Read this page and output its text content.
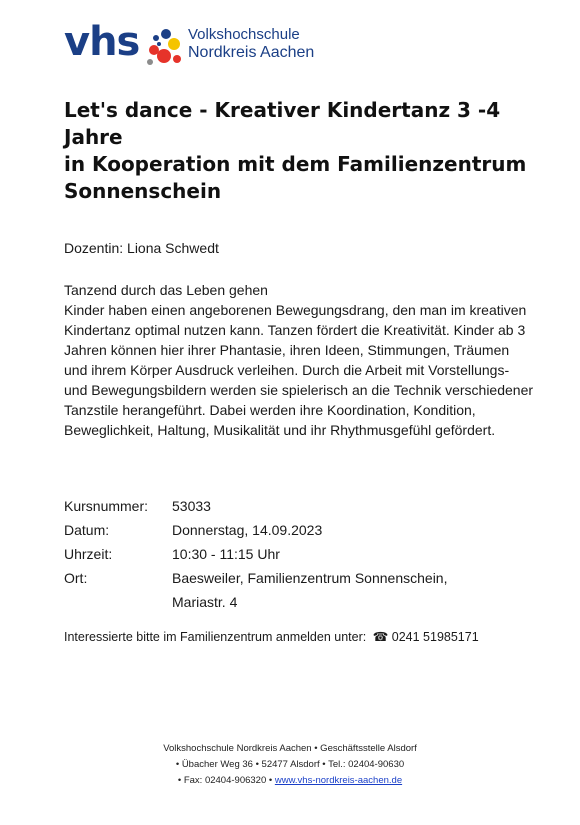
vhs	Volkshochschule
Nordkreis Aachen
Let's dance - Kreativer Kindertanz 3 -4
Jahre
in Kooperation mit dem Familienzentrum
Sonnenschein
Dozentin: Liona Schwedt

Tanzend durch das Leben gehen

Kinder haben einen angeborenen Bewegungsdrang, den man im kreativen Kindertanz optimal nutzen kann. Tanzen fördert die Kreativität. Kinder ab 3 Jahren können hier ihrer Phantasie, ihren Ideen, Stimmungen, Träumen und ihrem Körper Ausdruck verleihen. Durch die Arbeit mit Vorstellungs- und Bewegungsbildern werden sie spielerisch an die Technik verschiedener Tanzstile herangeführt. Dabei werden ihre Koordination, Kondition, Beweglichkeit, Haltung, Musikalität und ihr Rhythmusgefühl gefördert.

Kursnummer:	53033
Datum:	Donnerstag, 14.09.2023
Uhrzeit:	10:30 - 11:15 Uhr
Ort:	Baesweiler, Familienzentrum Sonnenschein,
Mariastr. 4
Interessierte bitte im Familienzentrum anmelden unter: ☎ 0241 51985171
Volkshochschule Nordkreis Aachen • Geschäftsstelle Alsdorf
• Übacher Weg 36 • 52477 Alsdorf • Tel.: 02404-90630
• Fax: 02404-906320 • www.vhs-nordkreis-aachen.de
